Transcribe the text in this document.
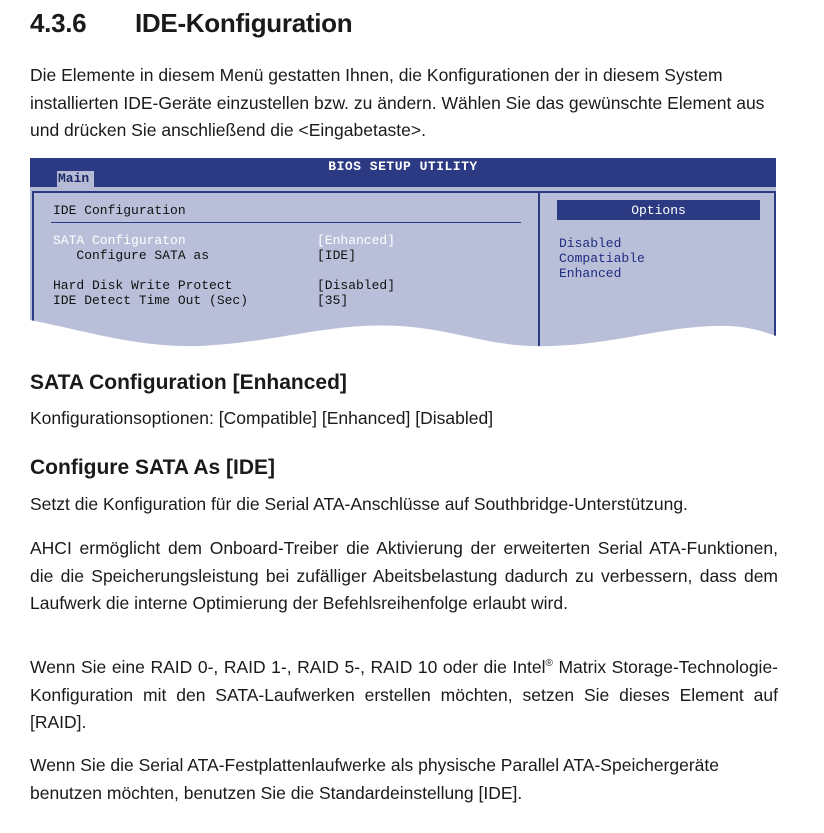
4.3.6 IDE-Konfiguration
Die Elemente in diesem Menü gestatten Ihnen, die Konfigurationen der in diesem System installierten IDE-Geräte einzustellen bzw. zu ändern. Wählen Sie das gewünschte Element aus und drücken Sie anschließend die <Eingabetaste>.
BIOS SETUP UTILITY
Main
IDE Configuration
SATA Configuraton	[Enhanced]
Configure SATA as	[IDE]
Hard Disk Write Protect	[Disabled]
IDE Detect Time Out (Sec)	[35]
Options
Disabled
Compatiable
Enhanced
SATA Configuration [Enhanced]

Konfigurationsoptionen: [Compatible] [Enhanced] [Disabled]

Configure SATA As [IDE]

Setzt die Konfiguration für die Serial ATA-Anschlüsse auf Southbridge-Unterstützung.

AHCI ermöglicht dem Onboard-Treiber die Aktivierung der erweiterten Serial ATA-Funktionen, die die Speicherungsleistung bei zufälliger Abeitsbelastung dadurch zu verbessern, dass dem Laufwerk die interne Optimierung der Befehlsreihenfolge erlaubt wird.

Wenn Sie eine RAID 0-, RAID 1-, RAID 5-, RAID 10 oder die Intel® Matrix Storage-Technologie-Konfiguration mit den SATA-Laufwerken erstellen möchten, setzen Sie dieses Element auf [RAID].

Wenn Sie die Serial ATA-Festplattenlaufwerke als physische Parallel ATA-Speichergeräte benutzen möchten, benutzen Sie die Standardeinstellung [IDE].
